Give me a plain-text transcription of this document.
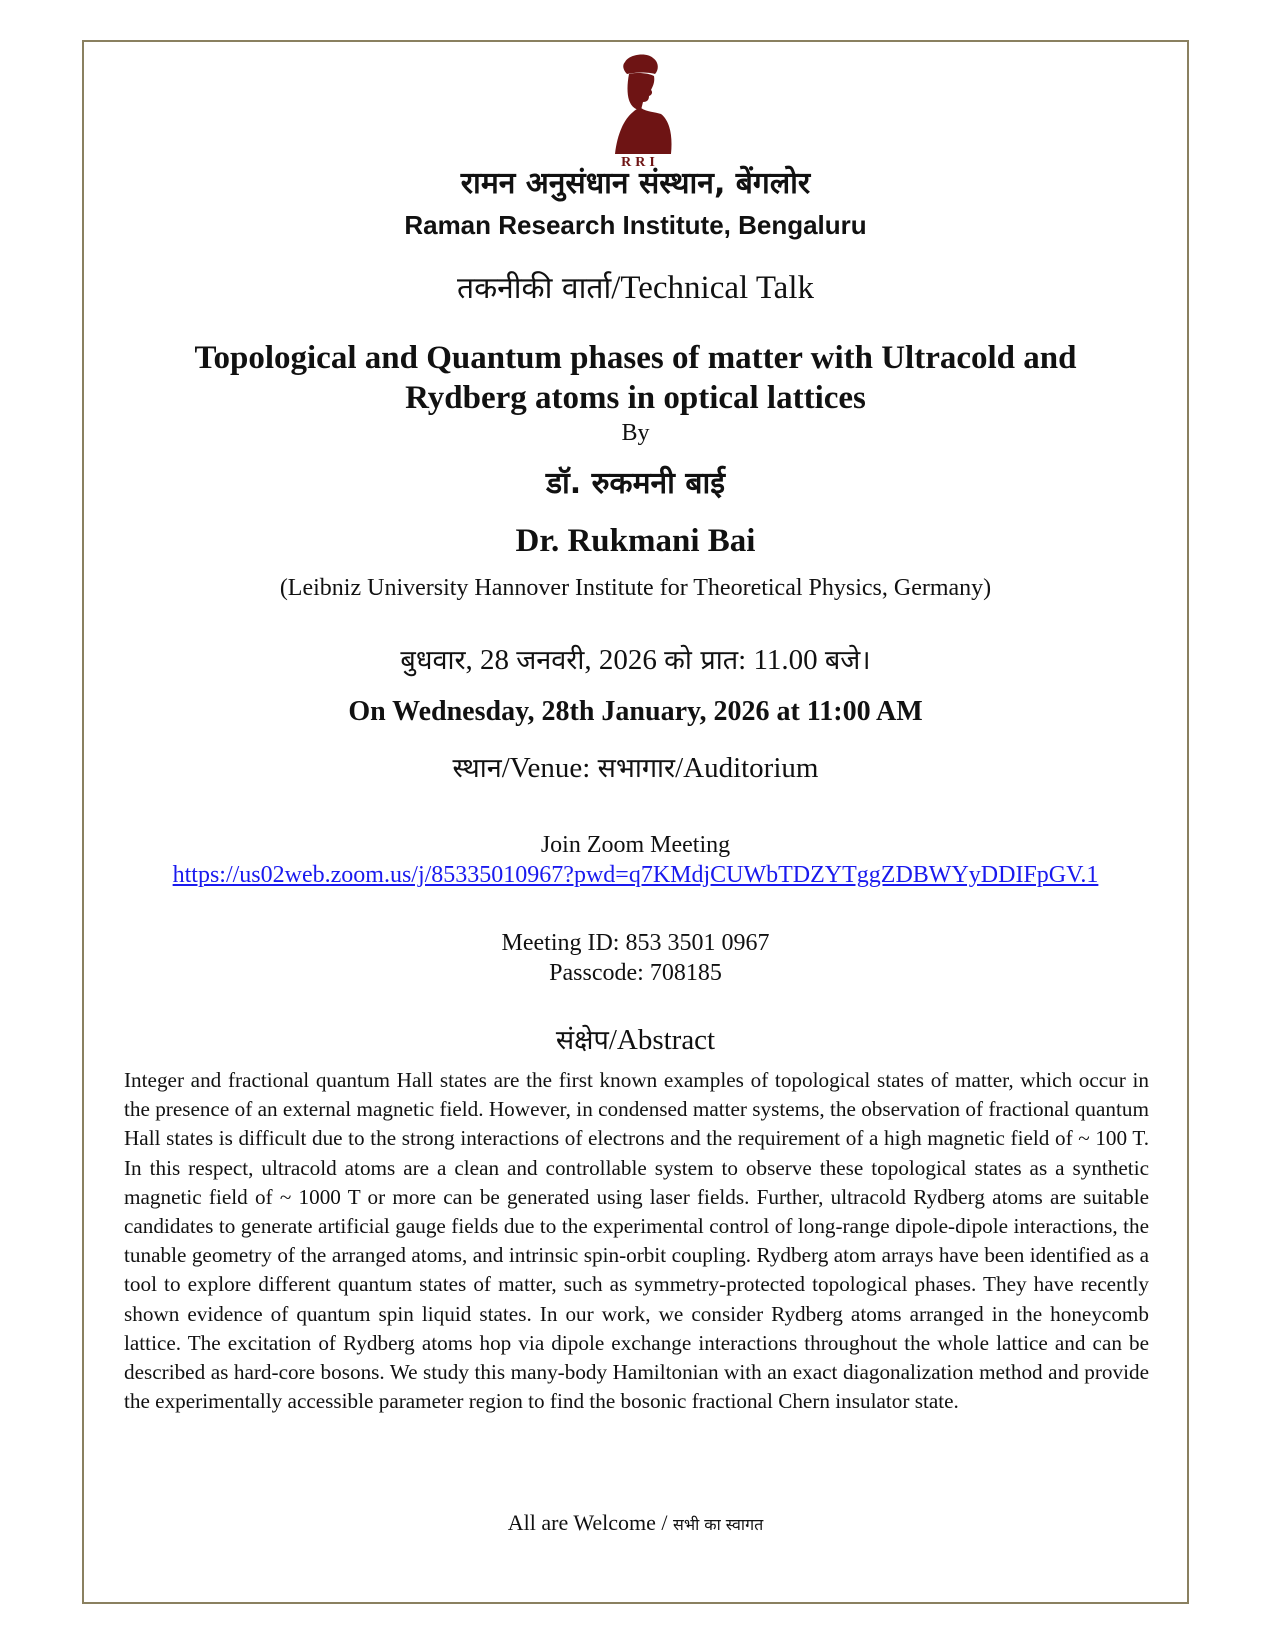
RRI
रामन अनुसंधान संस्थान, बेंगलोर
Raman Research Institute, Bengaluru
तकनीकी वार्ता/Technical Talk
Topological and Quantum phases of matter with Ultracold and
Rydberg atoms in optical lattices
By
डॉ. रुकमनी बाई
Dr. Rukmani Bai
(Leibniz University Hannover Institute for Theoretical Physics, Germany)
बुधवार, 28 जनवरी, 2026 को प्रात: 11.00 बजे।
On Wednesday, 28th January, 2026 at 11:00 AM
स्थान/Venue: सभागार/Auditorium
Join Zoom Meeting
https://us02web.zoom.us/j/85335010967?pwd=q7KMdjCUWbTDZYTggZDBWYyDDIFpGV.1
Meeting ID: 853 3501 0967
Passcode: 708185
संक्षेप/Abstract

Integer and fractional quantum Hall states are the first known examples of topological states of matter, which occur in the presence of an external magnetic field. However, in condensed matter systems, the observation of fractional quantum Hall states is difficult due to the strong interactions of electrons and the requirement of a high magnetic field of ~ 100 T. In this respect, ultracold atoms are a clean and controllable system to observe these topological states as a synthetic magnetic field of ~ 1000 T or more can be generated using laser fields. Further, ultracold Rydberg atoms are suitable candidates to generate artificial gauge fields due to the experimental control of long-range dipole-dipole interactions, the tunable geometry of the arranged atoms, and intrinsic spin-orbit coupling. Rydberg atom arrays have been identified as a tool to explore different quantum states of matter, such as symmetry-protected topological phases. They have recently shown evidence of quantum spin liquid states. In our work, we consider Rydberg atoms arranged in the honeycomb lattice. The excitation of Rydberg atoms hop via dipole exchange interactions throughout the whole lattice and can be described as hard-core bosons. We study this many-body Hamiltonian with an exact diagonalization method and provide the experimentally accessible parameter region to find the bosonic fractional Chern insulator state.

All are Welcome / सभी का स्वागत
